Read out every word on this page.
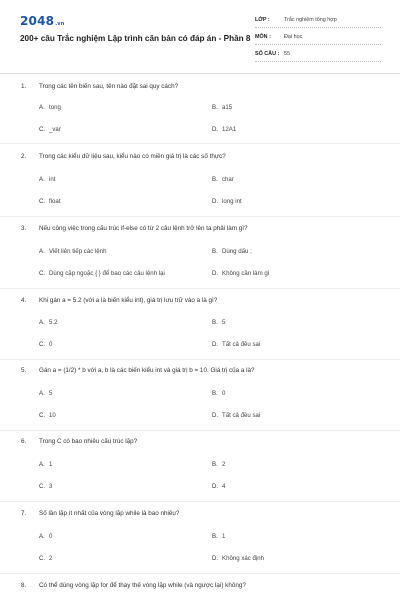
2048.vn
200+ câu Trắc nghiệm Lập trình căn bản có đáp án - Phần 8
LỚP :	Trắc nghiệm tổng hợp
MÔN : Đại học
SỐ CÂU : 55
1. Trong các tên biến sau, tên nào đặt sai quy cách?
A. tong	B. a15
C. _var	D. 12A1
2. Trong các kiểu dữ liệu sau, kiểu nào có miền giá trị là các số thực?
A. int	B. char
C. float	D. long int
3. Nếu công việc trong cấu trúc if-else có từ 2 câu lệnh trở lên ta phải làm gì?
A. Viết liên tiếp các lệnh	B. Dùng dấu ;
C. Dùng cặp ngoặc { } để bao các câu lệnh lại	D. Không cần làm gì
4. Khi gán a = 5.2 (với a là biến kiểu int), giá trị lưu trữ vào a là gì?
A. 5.2	B. 5
C. 0	D. Tất cả đều sai
5. Gán a = (1/2) * b với a, b là các biến kiểu int và giá trị b = 10. Giá trị của a là?
A. 5	B. 0
C. 10	D. Tất cả đều sai
6. Trong C có bao nhiêu cấu trúc lặp?
A. 1	B. 2
C. 3	D. 4
7. Số lần lặp ít nhất của vòng lặp while là bao nhiêu?
A. 0	B. 1
C. 2	D. Không xác định
8. Có thể dùng vòng lặp for để thay thế vòng lặp while (và ngược lại) không?
